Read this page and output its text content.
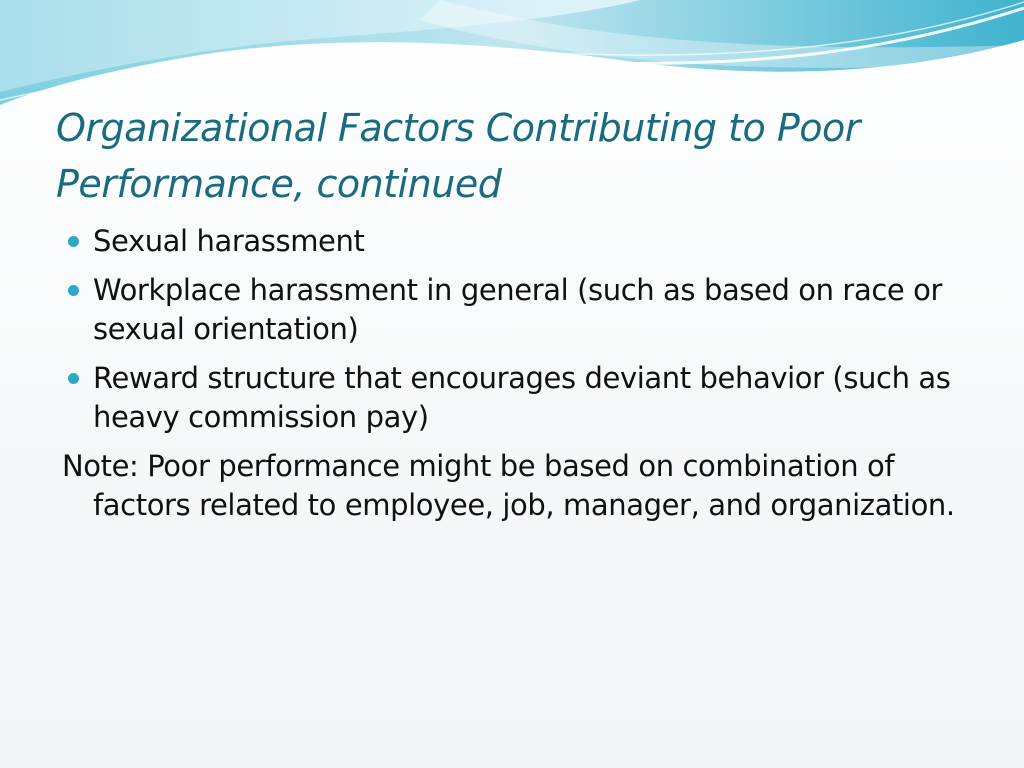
Organizational Factors Contributing to Poor Performance, continued
Sexual harassment
Workplace harassment in general (such as based on race or sexual orientation)
Reward structure that encourages deviant behavior (such as heavy commission pay)
Note: Poor performance might be based on combination of factors related to employee, job, manager, and organization.
